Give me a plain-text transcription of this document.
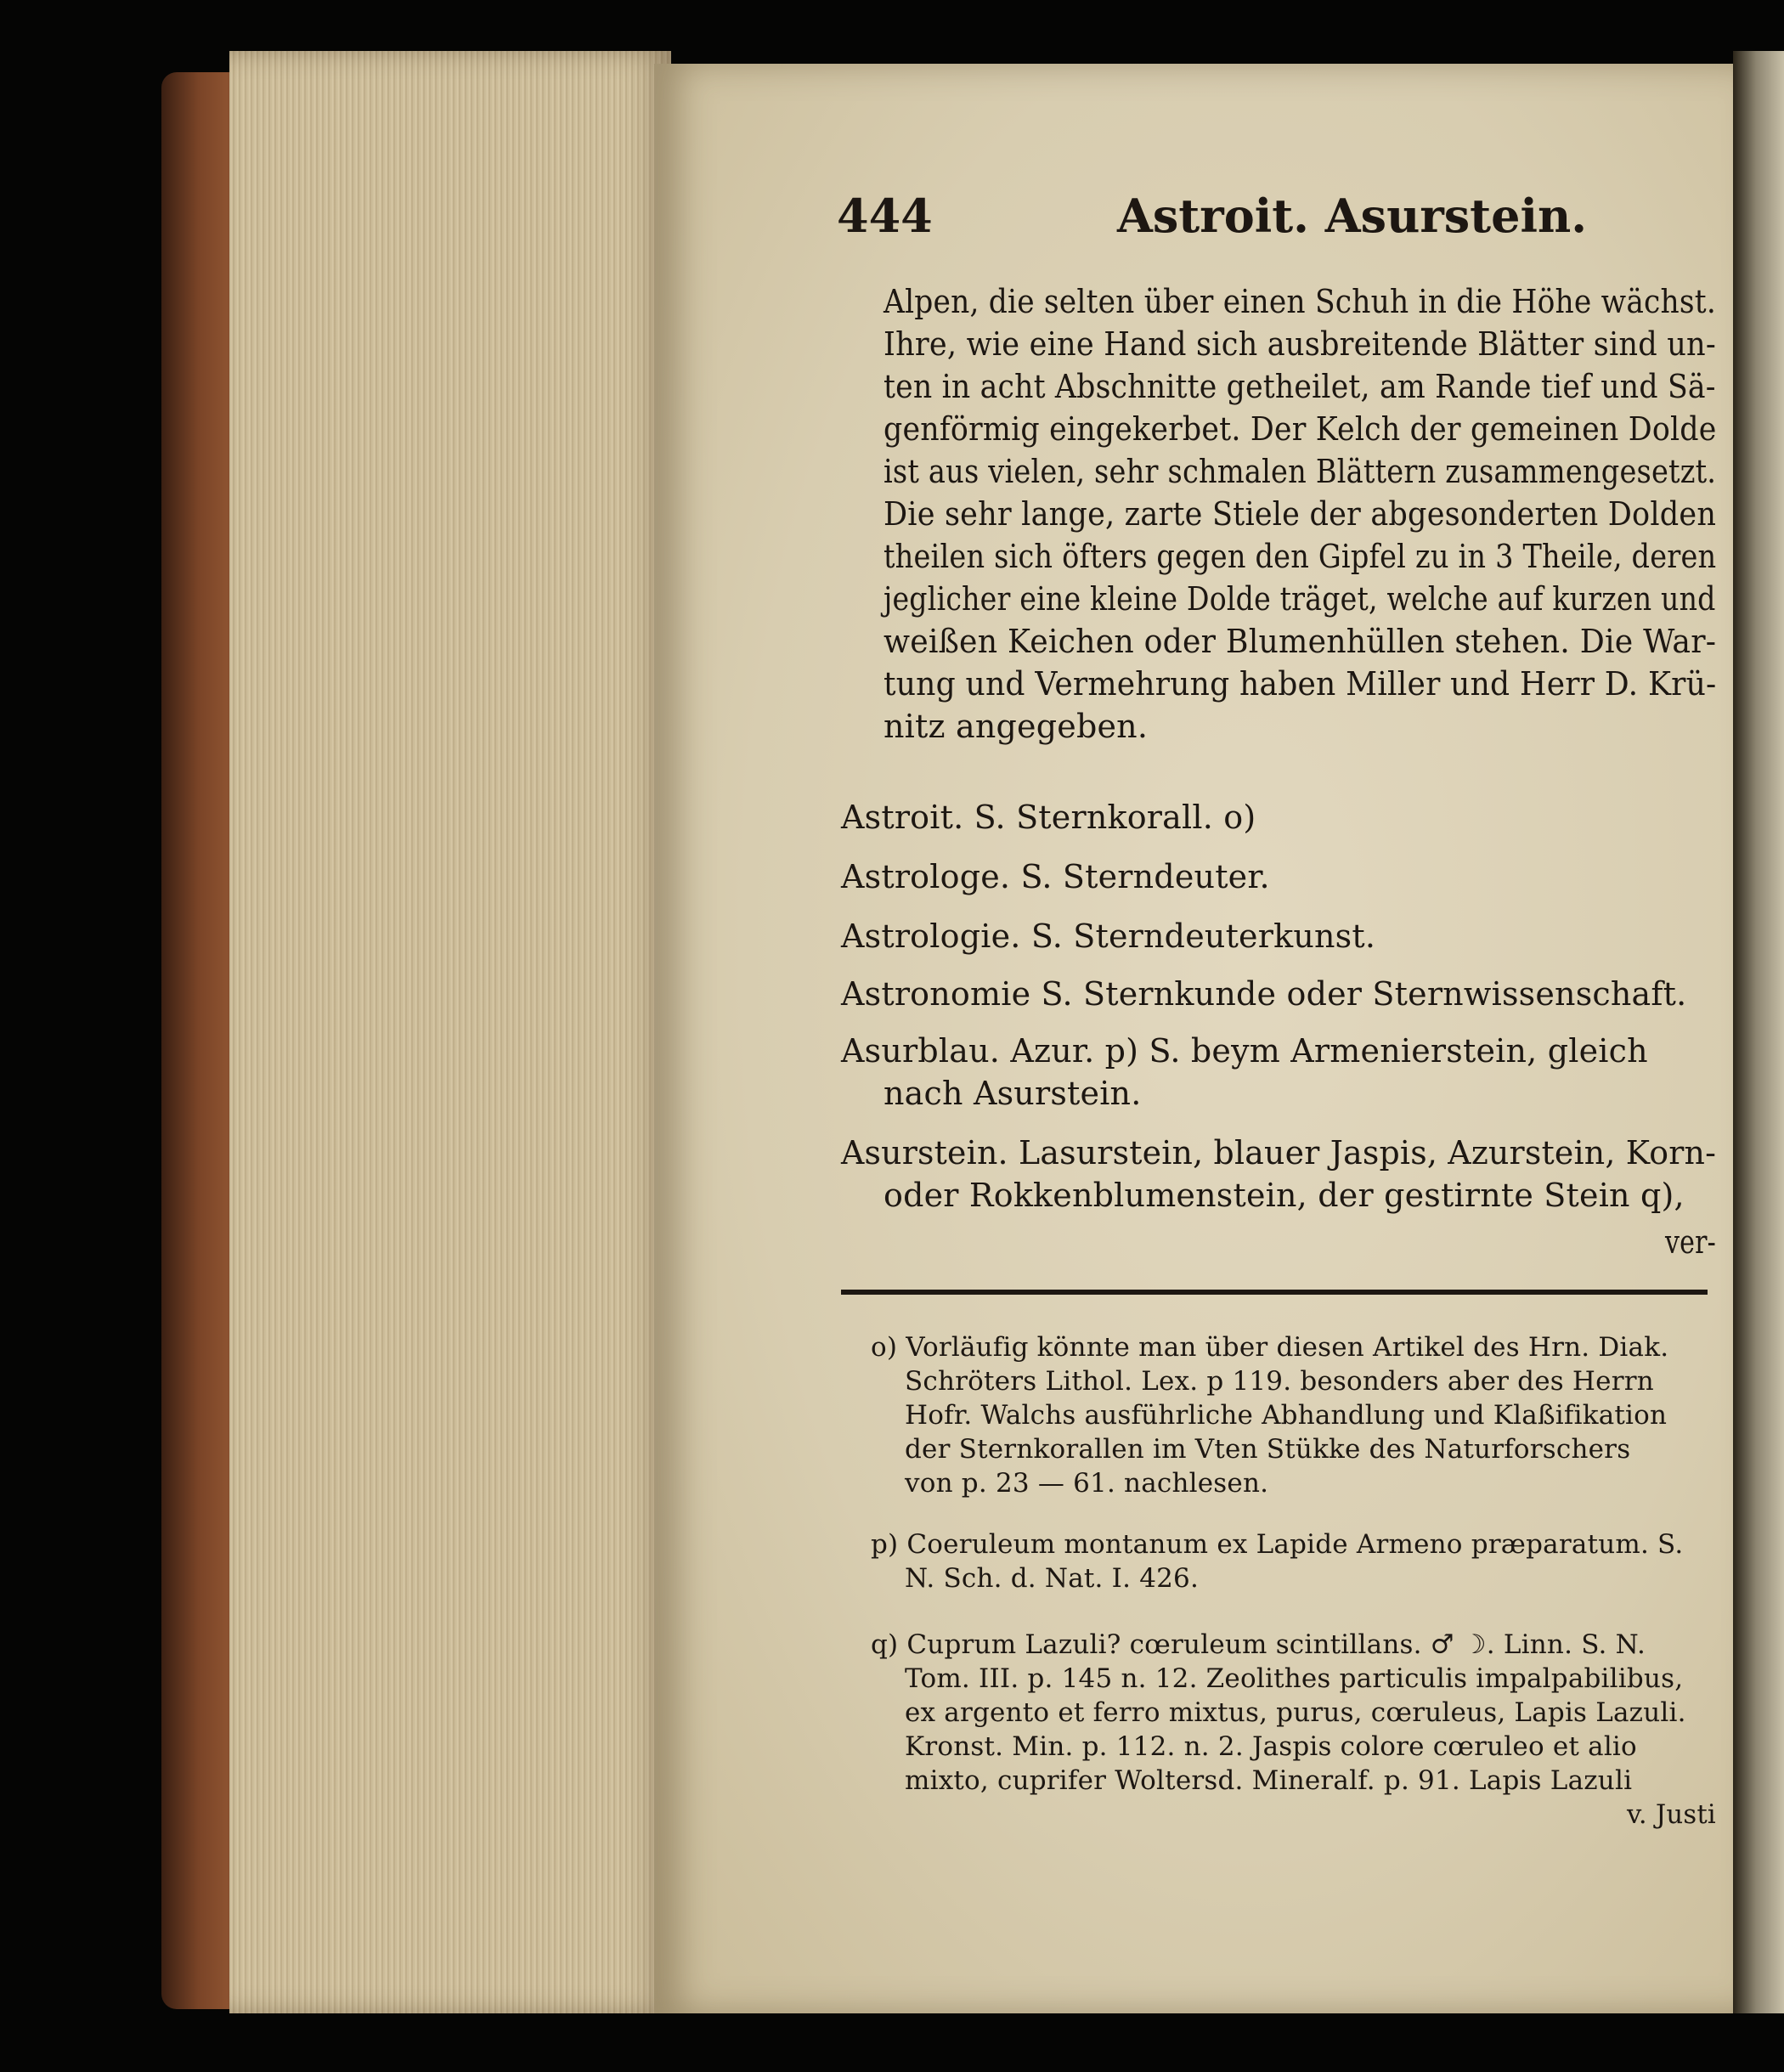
444	Astroit. Asurstein.
Alpen, die selten über einen Schuh in die Höhe wächst.
Ihre, wie eine Hand sich ausbreitende Blätter sind un-
ten in acht Abschnitte getheilet, am Rande tief und Sä-
genförmig eingekerbet. Der Kelch der gemeinen Dolde
ist aus vielen, sehr schmalen Blättern zusammengesetzt.
Die sehr lange, zarte Stiele der abgesonderten Dolden
theilen sich öfters gegen den Gipfel zu in 3 Theile, deren
jeglicher eine kleine Dolde träget, welche auf kurzen und
weißen Keichen oder Blumenhüllen stehen. Die War-
tung und Vermehrung haben Miller und Herr D. Krü-
nitz angegeben.
Astroit. S. Sternkorall. o)
Astrologe. S. Sterndeuter.
Astrologie. S. Sterndeuterkunst.
Astronomie S. Sternkunde oder Sternwissenschaft.
Asurblau. Azur. p) S. beym Armenierstein, gleich
nach Asurstein.
Asurstein. Lasurstein, blauer Jaspis, Azurstein, Korn-
oder Rokkenblumenstein, der gestirnte Stein q),
ver-
o) Vorläufig könnte man über diesen Artikel des Hrn. Diak.
Schröters Lithol. Lex. p 119. besonders aber des Herrn
Hofr. Walchs ausführliche Abhandlung und Klaßifikation
der Sternkorallen im Vten Stükke des Naturforschers
von p. 23 — 61. nachlesen.
p) Coeruleum montanum ex Lapide Armeno præparatum. S.
N. Sch. d. Nat. I. 426.
q) Cuprum Lazuli? cœruleum scintillans. ♂ ☽. Linn. S. N.
Tom. III. p. 145 n. 12. Zeolithes particulis impalpabilibus,
ex argento et ferro mixtus, purus, cœruleus, Lapis Lazuli.
Kronst. Min. p. 112. n. 2. Jaspis colore cœruleo et alio
mixto, cuprifer Woltersd. Mineralf. p. 91. Lapis Lazuli
v. Justi
